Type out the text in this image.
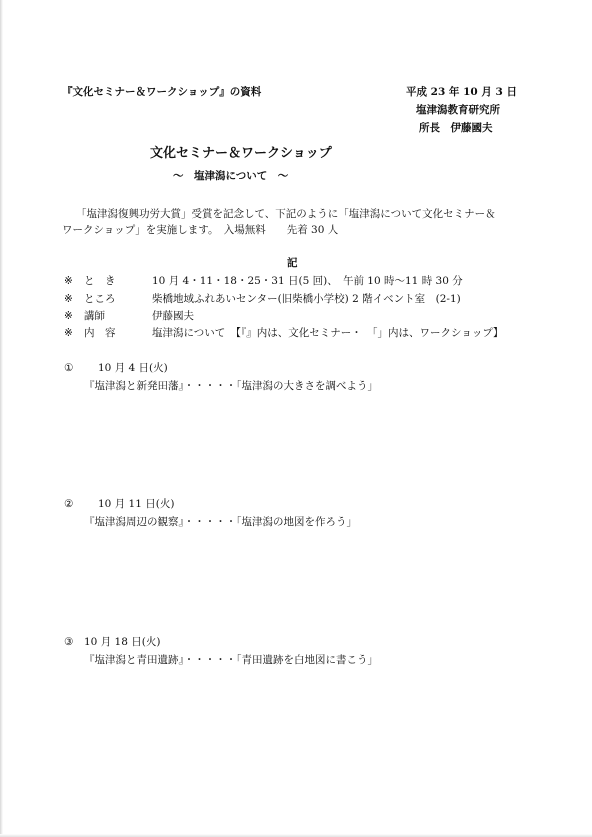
『文化セミナー＆ワークショップ』の資料	平成 23 年 10 月 3 日
塩津潟教育研究所
所長　伊藤國夫
文化セミナー＆ワークショップ
～　塩津潟について　～
「塩津潟復興功労大賞」受賞を記念して、下記のように「塩津潟について文化セミナー＆
ワークショップ」を実施します。　入場無料　　先着 30 人
記
※ と　き	10 月 4・11・18・25・31 日(5 回)、　午前 10 時～11 時 30 分
※ ところ	柴橋地域ふれあいセンター(旧柴橋小学校) 2 階イベント室　(2-1)
※ 講師	伊藤國夫
※ 内　容	塩津潟について　【『』内は、文化セミナー・　「」内は、ワークショップ】
① 10 月 4 日(火)
『塩津潟と新発田藩』・・・・・「塩津潟の大きさを調べよう」
② 10 月 11 日(火)
『塩津潟周辺の観察』・・・・・「塩津潟の地図を作ろう」
③ 10 月 18 日(火)
『塩津潟と青田遺跡』・・・・・「青田遺跡を白地図に書こう」
